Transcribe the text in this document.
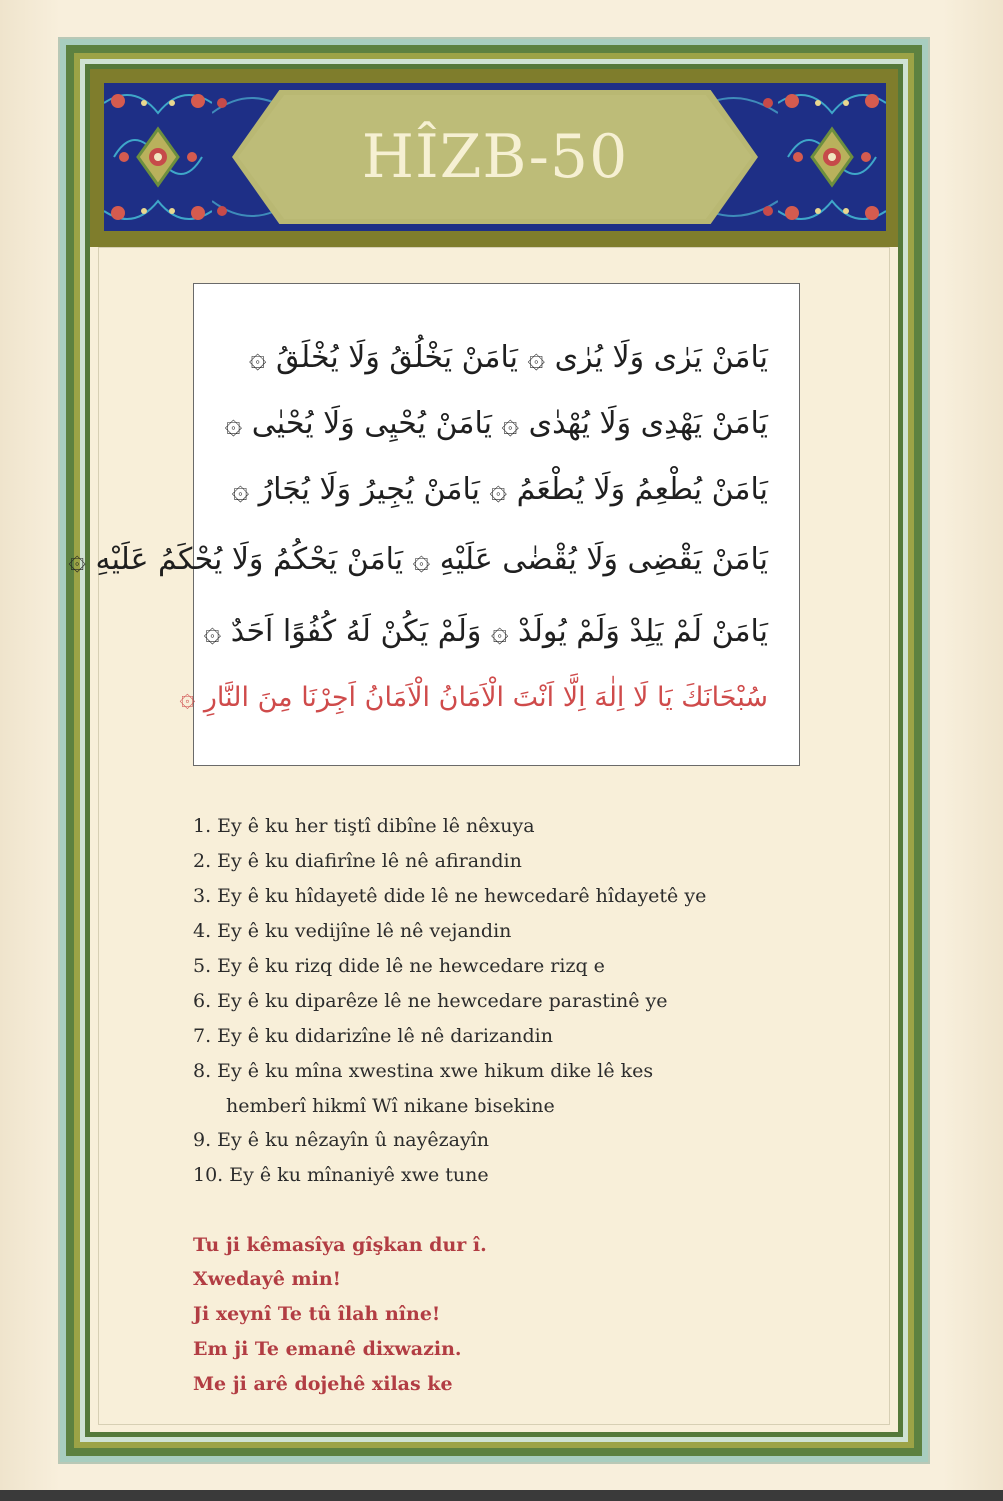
HÎZB-50
يَامَنْ يَرٰى وَلَا يُرٰى ۞ يَامَنْ يَخْلُقُ وَلَا يُخْلَقُ ۞
يَامَنْ يَهْدِى وَلَا يُهْدٰى ۞ يَامَنْ يُحْيِى وَلَا يُحْيٰى ۞
يَامَنْ يُطْعِمُ وَلَا يُطْعَمُ ۞ يَامَنْ يُجِيرُ وَلَا يُجَارُ ۞
يَامَنْ يَقْضِى وَلَا يُقْضٰى عَلَيْهِ ۞ يَامَنْ يَحْكُمُ وَلَا يُحْكَمُ عَلَيْهِ ۞
يَامَنْ لَمْ يَلِدْ وَلَمْ يُولَدْ ۞ وَلَمْ يَكُنْ لَهُ كُفُوًا اَحَدٌ ۞
سُبْحَانَكَ يَا لَا اِلٰهَ اِلَّا اَنْتَ الْاَمَانُ الْاَمَانُ اَجِرْنَا مِنَ النَّارِ ۞
1. Ey ê ku her tiştî dibîne lê nêxuya
2. Ey ê ku diafirîne lê nê afirandin
3. Ey ê ku hîdayetê dide lê ne hewcedarê hîdayetê ye
4. Ey ê ku vedijîne lê nê vejandin
5. Ey ê ku rizq dide lê ne hewcedare rizq e
6. Ey ê ku diparêze lê ne hewcedare parastinê ye
7. Ey ê ku didarizîne lê nê darizandin
8. Ey ê ku mîna xwestina xwe hikum dike lê kes
hemberî hikmî Wî nikane bisekine
9. Ey ê ku nêzayîn û nayêzayîn
10. Ey ê ku mînaniyê xwe tune
Tu ji kêmasîya gîşkan dur î.
Xwedayê min!
Ji xeynî Te tû îlah nîne!
Em ji Te emanê dixwazin.
Me ji arê dojehê xilas ke
